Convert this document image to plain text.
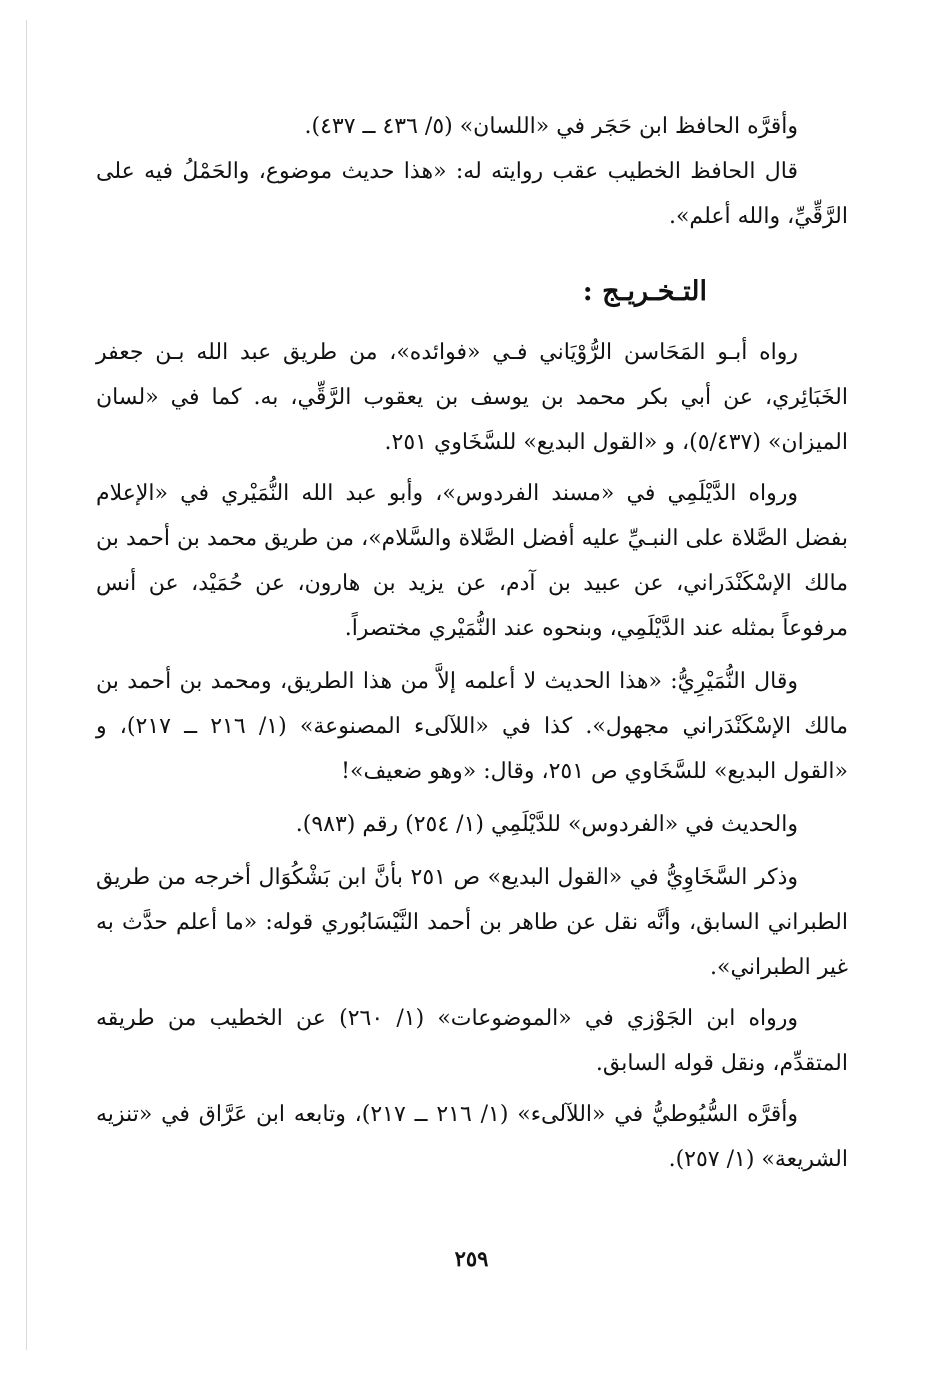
وأقرَّه الحافظ ابن حَجَر في «اللسان» (٥/ ٤٣٦ ــ ٤٣٧).

قال الحافظ الخطيب عقب روايته له: «هذا حديث موضوع، والحَمْلُ فيه على الرَّقِّيِّ، والله أعلم».

التـخـريـج :

رواه أبـو المَحَاسن الرُّوْيَاني فـي «فوائده»، من طريق عبد الله بـن جعفر الخَبَائِري، عن أبي بكر محمد بن يوسف بن يعقوب الرَّقِّي، به. كما في «لسان الميزان» (٥/٤٣٧)، و «القول البديع» للسَّخَاوي ٢٥١.

ورواه الدَّيْلَمِي في «مسند الفردوس»، وأبو عبد الله النُّمَيْري في «الإعلام بفضل الصَّلاة على النبـيِّ عليه أفضل الصَّلاة والسَّلام»، من طريق محمد بن أحمد بن مالك الإسْكَنْدَراني، عن عبيد بن آدم، عن يزيد بن هارون، عن حُمَيْد، عن أنس مرفوعاً بمثله عند الدَّيْلَمِي، وبنحوه عند النُّمَيْري مختصراً.

وقال النُّمَيْرِيُّ: «هذا الحديث لا أعلمه إلاَّ من هذا الطريق، ومحمد بن أحمد بن مالك الإسْكَنْدَراني مجهول». كذا في «اللآلىء المصنوعة» (١/ ٢١٦ ــ ٢١٧)، و «القول البديع» للسَّخَاوي ص ٢٥١، وقال: «وهو ضعيف»!

والحديث في «الفردوس» للدَّيْلَمِي (١/ ٢٥٤) رقم (٩٨٣).

وذكر السَّخَاوِيُّ في «القول البديع» ص ٢٥١ بأنَّ ابن بَشْكُوَال أخرجه من طريق الطبراني السابق، وأنَّه نقل عن طاهر بن أحمد النَّيْسَابُوري قوله: «ما أعلم حدَّث به غير الطبراني».

ورواه ابن الجَوْزي في «الموضوعات» (١/ ٢٦٠) عن الخطيب من طريقه المتقدِّم، ونقل قوله السابق.

وأقرَّه السُّيُوطيُّ في «اللآلىء» (١/ ٢١٦ ــ ٢١٧)، وتابعه ابن عَرَّاق في «تنزيه الشريعة» (١/ ٢٥٧).

٢٥٩
